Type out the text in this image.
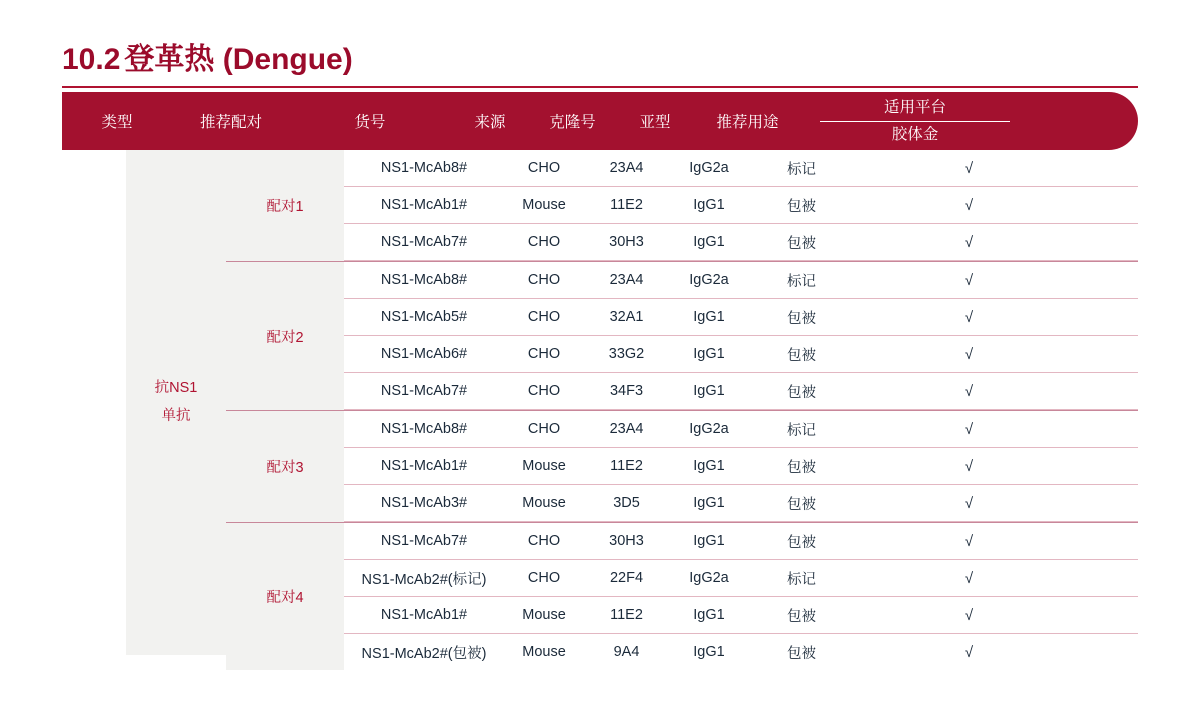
10.2 登革热 (Dengue)
类型	推荐配对	货号	来源	克隆号	亚型	推荐用途
适用平台
胶体金
抗NS1
单抗
配对1
NS1-McAb8#	CHO	23A4	IgG2a	标记	√
NS1-McAb1#	Mouse	11E2	IgG1	包被	√
NS1-McAb7#	CHO	30H3	IgG1	包被	√
配对2
NS1-McAb8#	CHO	23A4	IgG2a	标记	√
NS1-McAb5#	CHO	32A1	IgG1	包被	√
NS1-McAb6#	CHO	33G2	IgG1	包被	√
NS1-McAb7#	CHO	34F3	IgG1	包被	√
配对3
NS1-McAb8#	CHO	23A4	IgG2a	标记	√
NS1-McAb1#	Mouse	11E2	IgG1	包被	√
NS1-McAb3#	Mouse	3D5	IgG1	包被	√
配对4
NS1-McAb7#	CHO	30H3	IgG1	包被	√
NS1-McAb2#(标记)	CHO	22F4	IgG2a	标记	√
NS1-McAb1#	Mouse	11E2	IgG1	包被	√
NS1-McAb2#(包被)	Mouse	9A4	IgG1	包被	√
